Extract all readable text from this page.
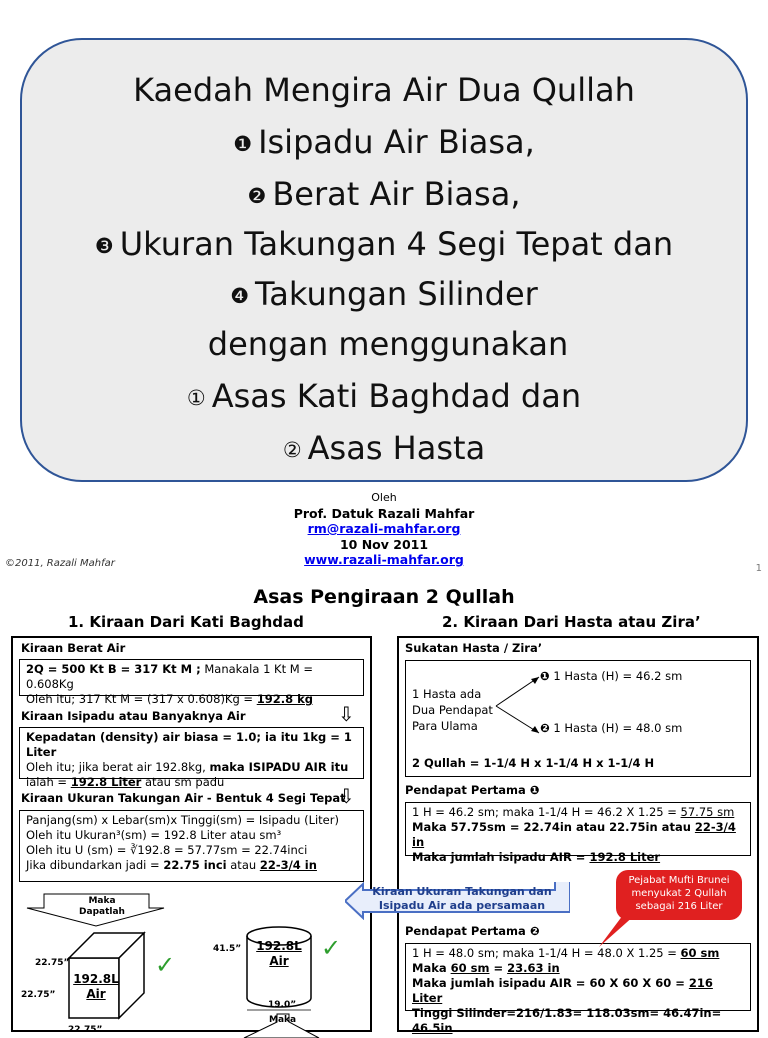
Kaedah Mengira Air Dua Qullah
❶ Isipadu Air Biasa,
❷ Berat Air Biasa,
❸ Ukuran Takungan 4 Segi Tepat dan
❹ Takungan Silinder
dengan menggunakan
① Asas Kati Baghdad dan
② Asas Hasta
Oleh
Prof. Datuk Razali Mahfar
rm@razali-mahfar.org
10 Nov 2011
www.razali-mahfar.org
©2011, Razali Mahfar	1
Asas Pengiraan 2 Qullah
1. Kiraan Dari Kati Baghdad	2. Kiraan Dari Hasta atau Zira’
Kiraan Berat Air
2Q = 500 Kt B = 317 Kt M ; Manakala 1 Kt M = 0.608Kg
Oleh itu; 317 Kt M = (317 x 0.608)Kg = 192.8 kg
Kiraan Isipadu atau Banyaknya Air	⇩
Kepadatan (density) air biasa = 1.0; ia itu 1kg = 1 Liter
Oleh itu; jika berat air 192.8kg, maka ISIPADU AIR itu
ialah = 192.8 Liter atau sm padu
Kiraan Ukuran Takungan Air - Bentuk 4 Segi Tepat
⇩
Panjang(sm) x Lebar(sm)x Tinggi(sm) = Isipadu (Liter)
Oleh itu Ukuran³(sm) = 192.8 Liter atau sm³
Oleh itu U (sm) = ∛192.8 = 57.77sm = 22.74inci
Jika dibundarkan jadi = 22.75 inci atau 22-3/4 in
Maka Dapatlah
22.75”
22.75”
22.75”
192.8L
Air
✓
41.5” 192.8L
Air	✓
19.0”
Maka
Sukatan Hasta / Zira’
1 Hasta ada
Dua Pendapat
Para Ulama
❶ 1 Hasta (H) = 46.2 sm
❷ 1 Hasta (H) = 48.0 sm
2 Qullah = 1-1/4 H x 1-1/4 H x 1-1/4 H
Pendapat Pertama ❶
1 H = 46.2 sm; maka 1-1/4 H = 46.2 X 1.25 = 57.75 sm
Maka 57.75sm = 22.74in atau 22.75in atau 22-3/4 in
Maka jumlah isipadu AIR = 192.8 Liter
Pendapat Pertama ❷
1 H = 48.0 sm; maka 1-1/4 H = 48.0 X 1.25 = 60 sm
Maka 60 sm = 23.63 in
Maka jumlah isipadu AIR = 60 X 60 X 60 = 216 Liter
Tinggi Silinder=216/1.83= 118.03sm= 46.47in= 46.5in
Kiraan Ukuran Takungan dan Isipadu Air ada persamaan
Pejabat Mufti Brunei menyukat 2 Qullah sebagai 216 Liter
